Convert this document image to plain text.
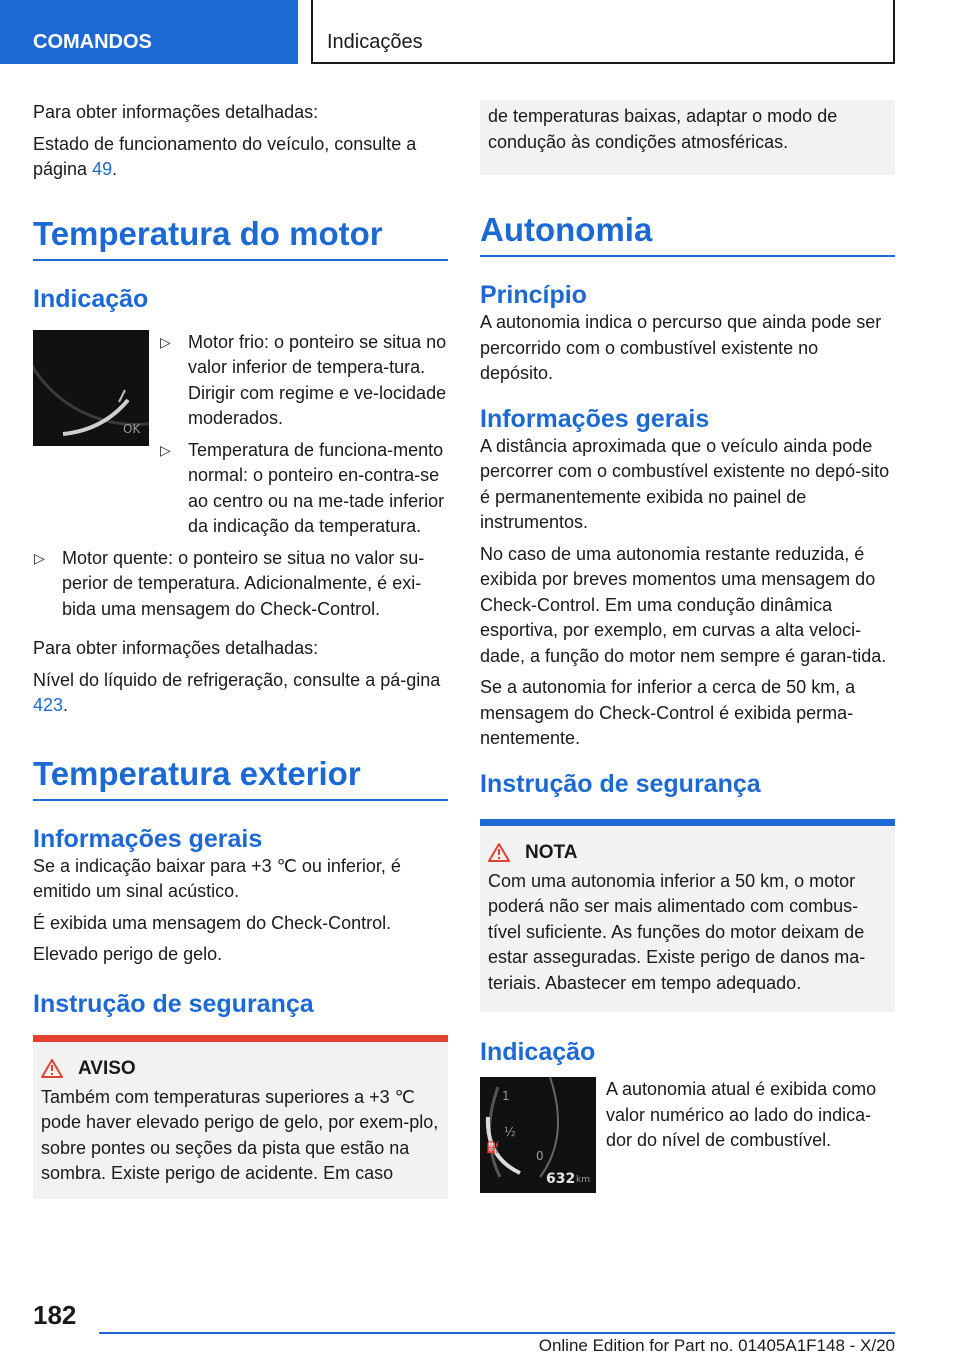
COMANDOS	Indicações

Para obter informações detalhadas:

Estado de funcionamento do veículo, consulte a página 49.

Temperatura do motor
Indicação
OK
▷ Motor frio: o ponteiro se situa no valor inferior de tempera-tura. Dirigir com regime e ve-locidade moderados.
▷ Temperatura de funciona-mento normal: o ponteiro en-contra-se ao centro ou na me-tade inferior da indicação da temperatura.
▷ Motor quente: o ponteiro se situa no valor su-perior de temperatura. Adicionalmente, é exi-bida uma mensagem do Check-Control.

Para obter informações detalhadas:

Nível do líquido de refrigeração, consulte a pá-gina 423.

Temperatura exterior
Informações gerais

Se a indicação baixar para +3 ℃ ou inferior, é emitido um sinal acústico.

É exibida uma mensagem do Check-Control.

Elevado perigo de gelo.

Instrução de segurança
AVISO

Também com temperaturas superiores a +3 ℃ pode haver elevado perigo de gelo, por exem-plo, sobre pontes ou seções da pista que estão na sombra. Existe perigo de acidente. Em caso

de temperaturas baixas, adaptar o modo de condução às condições atmosféricas.

Autonomia
Princípio

A autonomia indica o percurso que ainda pode ser percorrido com o combustível existente no depósito.

Informações gerais

A distância aproximada que o veículo ainda pode percorrer com o combustível existente no depó-sito é permanentemente exibida no painel de instrumentos.

No caso de uma autonomia restante reduzida, é exibida por breves momentos uma mensagem do Check-Control. Em uma condução dinâmica esportiva, por exemplo, em curvas a alta veloci-dade, a função do motor nem sempre é garan-tida.

Se a autonomia for inferior a cerca de 50 km, a mensagem do Check-Control é exibida perma-nentemente.

Instrução de segurança
NOTA

Com uma autonomia inferior a 50 km, o motor poderá não ser mais alimentado com combus-tível suficiente. As funções do motor deixam de estar asseguradas. Existe perigo de danos ma-teriais. Abastecer em tempo adequado.

Indicação
1
½
0
⛽
632 km

A autonomia atual é exibida como valor numérico ao lado do indica-dor do nível de combustível.

182
Online Edition for Part no. 01405A1F148 - X/20
